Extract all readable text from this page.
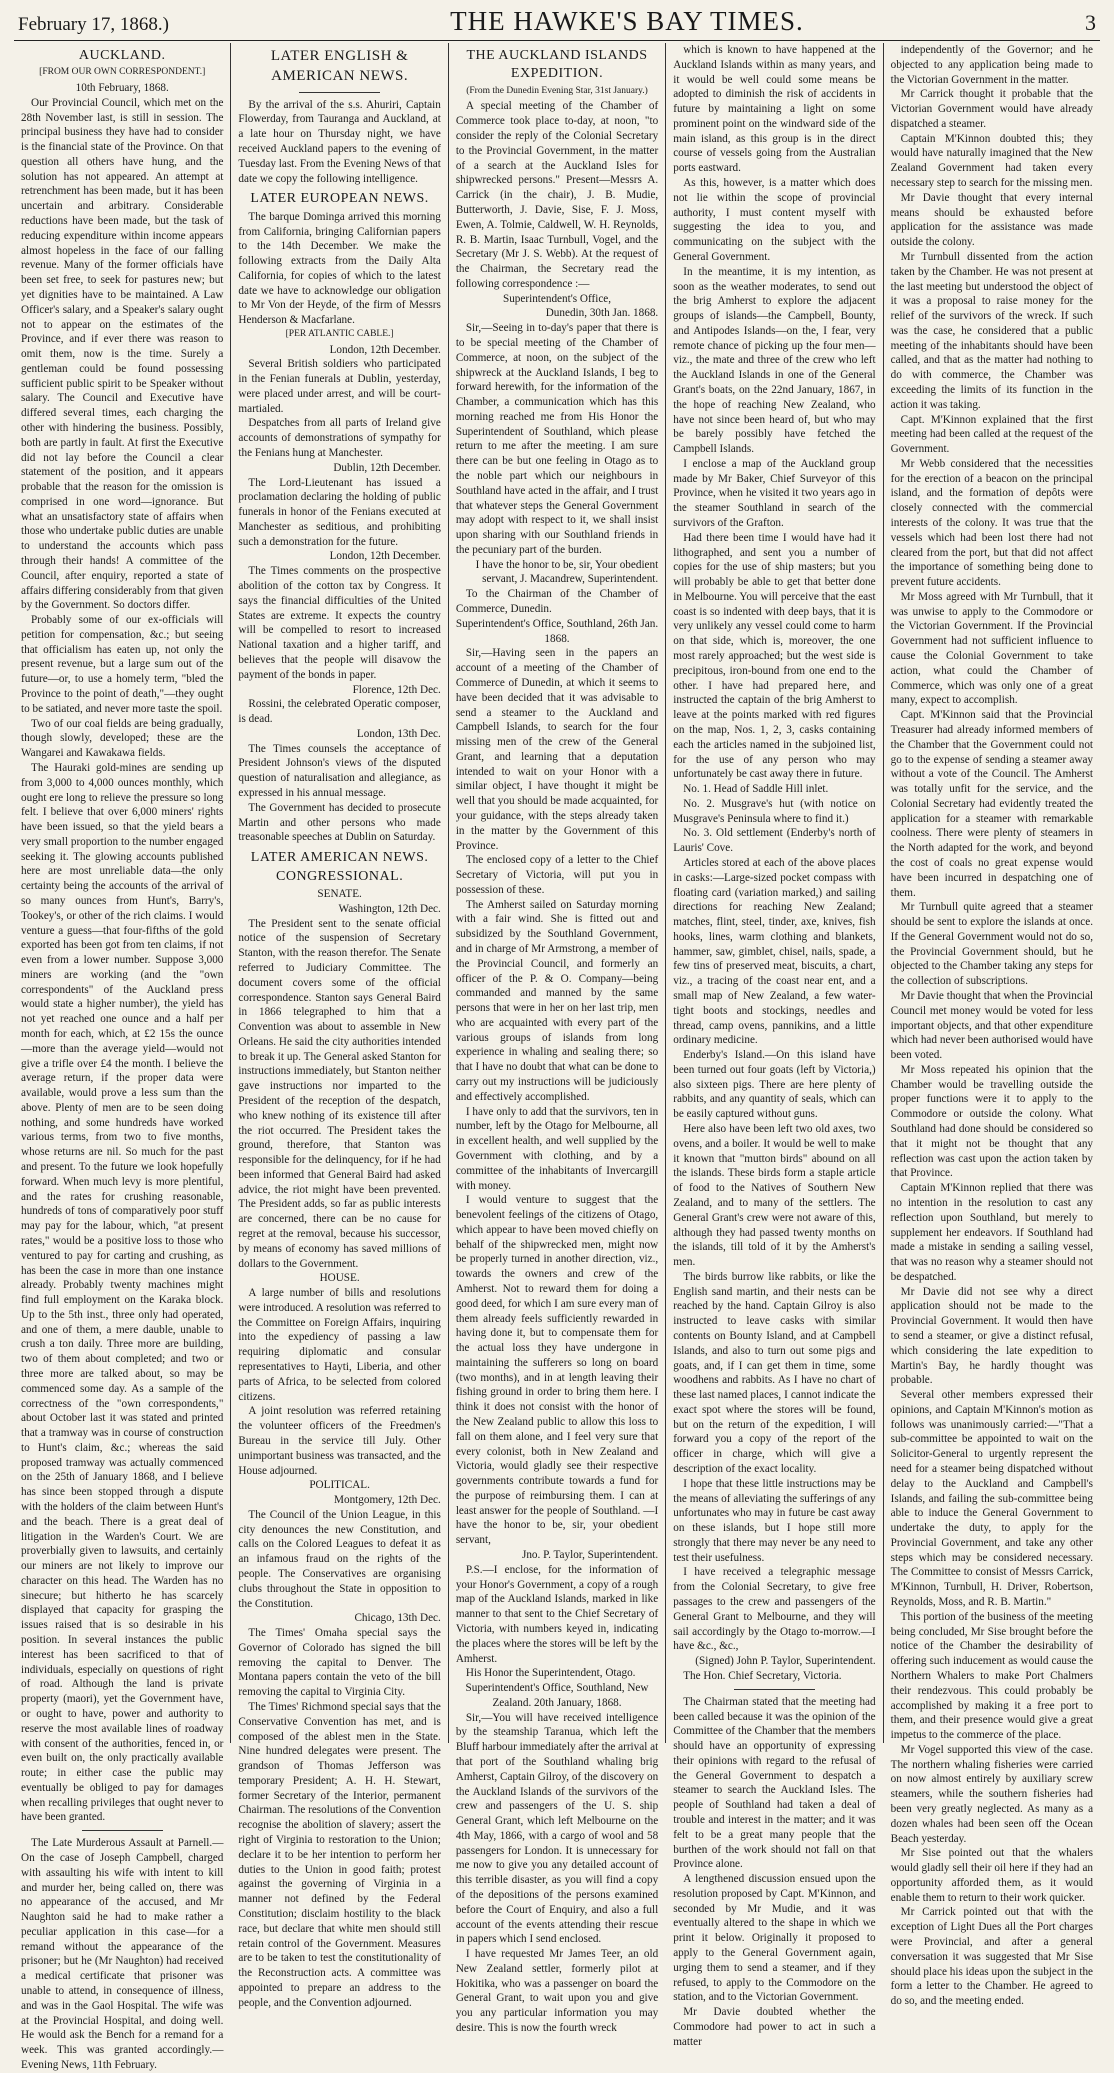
February 17, 1868.)	THE HAWKE'S BAY TIMES.	3
AUCKLAND.
[FROM OUR OWN CORRESPONDENT.]
10th February, 1868.

Our Provincial Council, which met on the 28th November last, is still in session. The principal business they have had to consider is the financial state of the Province. On that question all others have hung, and the solution has not appeared. An attempt at retrenchment has been made, but it has been uncertain and arbitrary. Considerable reductions have been made, but the task of reducing expenditure within income appears almost hopeless in the face of our falling revenue. Many of the former officials have been set free, to seek for pastures new; but yet dignities have to be maintained. A Law Officer's salary, and a Speaker's salary ought not to appear on the estimates of the Province, and if ever there was reason to omit them, now is the time. Surely a gentleman could be found possessing sufficient public spirit to be Speaker without salary. The Council and Executive have differed several times, each charging the other with hindering the business. Possibly, both are partly in fault. At first the Executive did not lay before the Council a clear statement of the position, and it appears probable that the reason for the omission is comprised in one word—ignorance. But what an unsatisfactory state of affairs when those who undertake public duties are unable to understand the accounts which pass through their hands! A committee of the Council, after enquiry, reported a state of affairs differing considerably from that given by the Government. So doctors differ.

Probably some of our ex-officials will petition for compensation, &c.; but seeing that officialism has eaten up, not only the present revenue, but a large sum out of the future—or, to use a homely term, "bled the Province to the point of death,"—they ought to be satiated, and never more taste the spoil.

Two of our coal fields are being gradually, though slowly, developed; these are the Wangarei and Kawakawa fields.

The Hauraki gold-mines are sending up from 3,000 to 4,000 ounces monthly, which ought ere long to relieve the pressure so long felt. I believe that over 6,000 miners' rights have been issued, so that the yield bears a very small proportion to the number engaged seeking it. The glowing accounts published here are most unreliable data—the only certainty being the accounts of the arrival of so many ounces from Hunt's, Barry's, Tookey's, or other of the rich claims. I would venture a guess—that four-fifths of the gold exported has been got from ten claims, if not even from a lower number. Suppose 3,000 miners are working (and the "own correspondents" of the Auckland press would state a higher number), the yield has not yet reached one ounce and a half per month for each, which, at £2 15s the ounce—more than the average yield—would not give a trifle over £4 the month. I believe the average return, if the proper data were available, would prove a less sum than the above. Plenty of men are to be seen doing nothing, and some hundreds have worked various terms, from two to five months, whose returns are nil. So much for the past and present. To the future we look hopefully forward. When much levy is more plentiful, and the rates for crushing reasonable, hundreds of tons of comparatively poor stuff may pay for the labour, which, "at present rates," would be a positive loss to those who ventured to pay for carting and crushing, as has been the case in more than one instance already. Probably twenty machines might find full employment on the Karaka block. Up to the 5th inst., three only had operated, and one of them, a mere dauble, unable to crush a ton daily. Three more are building, two of them about completed; and two or three more are talked about, so may be commenced some day. As a sample of the correctness of the "own correspondents," about October last it was stated and printed that a tramway was in course of construction to Hunt's claim, &c.; whereas the said proposed tramway was actually commenced on the 25th of January 1868, and I believe has since been stopped through a dispute with the holders of the claim between Hunt's and the beach. There is a great deal of litigation in the Warden's Court. We are proverbially given to lawsuits, and certainly our miners are not likely to improve our character on this head. The Warden has no sinecure; but hitherto he has scarcely displayed that capacity for grasping the issues raised that is so desirable in his position. In several instances the public interest has been sacrificed to that of individuals, especially on questions of right of road. Although the land is private property (maori), yet the Government have, or ought to have, power and authority to reserve the most available lines of roadway with consent of the authorities, fenced in, or even built on, the only practically available route; in either case the public may eventually be obliged to pay for damages when recalling privileges that ought never to have been granted.

The Late Murderous Assault at Parnell.—On the case of Joseph Campbell, charged with assaulting his wife with intent to kill and murder her, being called on, there was no appearance of the accused, and Mr Naughton said he had to make rather a peculiar application in this case—for a remand without the appearance of the prisoner; but he (Mr Naughton) had received a medical certificate that prisoner was unable to attend, in consequence of illness, and was in the Gaol Hospital. The wife was at the Provincial Hospital, and doing well. He would ask the Bench for a remand for a week. This was granted accordingly.—Evening News, 11th February.

LATER ENGLISH & AMERICAN NEWS.

By the arrival of the s.s. Ahuriri, Captain Flowerday, from Tauranga and Auckland, at a late hour on Thursday night, we have received Auckland papers to the evening of Tuesday last. From the Evening News of that date we copy the following intelligence.

LATER EUROPEAN NEWS.

The barque Dominga arrived this morning from California, bringing Californian papers to the 14th December. We make the following extracts from the Daily Alta California, for copies of which to the latest date we have to acknowledge our obligation to Mr Von der Heyde, of the firm of Messrs Henderson & Macfarlane.

[PER ATLANTIC CABLE.]
London, 12th December.

Several British soldiers who participated in the Fenian funerals at Dublin, yesterday, were placed under arrest, and will be court-martialed.

Despatches from all parts of Ireland give accounts of demonstrations of sympathy for the Fenians hung at Manchester.

Dublin, 12th December.

The Lord-Lieutenant has issued a proclamation declaring the holding of public funerals in honor of the Fenians executed at Manchester as seditious, and prohibiting such a demonstration for the future.

London, 12th December.

The Times comments on the prospective abolition of the cotton tax by Congress. It says the financial difficulties of the United States are extreme. It expects the country will be compelled to resort to increased National taxation and a higher tariff, and believes that the people will disavow the payment of the bonds in paper.

Florence, 12th Dec.

Rossini, the celebrated Operatic composer, is dead.

London, 13th Dec.

The Times counsels the acceptance of President Johnson's views of the disputed question of naturalisation and allegiance, as expressed in his annual message.

The Government has decided to prosecute Martin and other persons who made treasonable speeches at Dublin on Saturday.

LATER AMERICAN NEWS. CONGRESSIONAL.
SENATE.
Washington, 12th Dec.

The President sent to the senate official notice of the suspension of Secretary Stanton, with the reason therefor. The Senate referred to Judiciary Committee. The document covers some of the official correspondence. Stanton says General Baird in 1866 telegraphed to him that a Convention was about to assemble in New Orleans. He said the city authorities intended to break it up. The General asked Stanton for instructions immediately, but Stanton neither gave instructions nor imparted to the President of the reception of the despatch, who knew nothing of its existence till after the riot occurred. The President takes the ground, therefore, that Stanton was responsible for the delinquency, for if he had been informed that General Baird had asked advice, the riot might have been prevented. The President adds, so far as public interests are concerned, there can be no cause for regret at the removal, because his successor, by means of economy has saved millions of dollars to the Government.

HOUSE.

A large number of bills and resolutions were introduced. A resolution was referred to the Committee on Foreign Affairs, inquiring into the expediency of passing a law requiring diplomatic and consular representatives to Hayti, Liberia, and other parts of Africa, to be selected from colored citizens.

A joint resolution was referred retaining the volunteer officers of the Freedmen's Bureau in the service till July. Other unimportant business was transacted, and the House adjourned.

POLITICAL.
Montgomery, 12th Dec.

The Council of the Union League, in this city denounces the new Constitution, and calls on the Colored Leagues to defeat it as an infamous fraud on the rights of the people. The Conservatives are organising clubs throughout the State in opposition to the Constitution.

Chicago, 13th Dec.

The Times' Omaha special says the Governor of Colorado has signed the bill removing the capital to Denver. The Montana papers contain the veto of the bill removing the capital to Virginia City.

The Times' Richmond special says that the Conservative Convention has met, and is composed of the ablest men in the State. Nine hundred delegates were present. The grandson of Thomas Jefferson was temporary President; A. H. H. Stewart, former Secretary of the Interior, permanent Chairman. The resolutions of the Convention recognise the abolition of slavery; assert the right of Virginia to restoration to the Union; declare it to be her intention to perform her duties to the Union in good faith; protest against the governing of Virginia in a manner not defined by the Federal Constitution; disclaim hostility to the black race, but declare that white men should still retain control of the Government. Measures are to be taken to test the constitutionality of the Reconstruction acts. A committee was appointed to prepare an address to the people, and the Convention adjourned.

THE AUCKLAND ISLANDS EXPEDITION.
(From the Dunedin Evening Star, 31st January.)

A special meeting of the Chamber of Commerce took place to-day, at noon, "to consider the reply of the Colonial Secretary to the Provincial Government, in the matter of a search at the Auckland Isles for shipwrecked persons." Present—Messrs A. Carrick (in the chair), J. B. Mudie, Butterworth, J. Davie, Sise, F. J. Moss, Ewen, A. Tolmie, Caldwell, W. H. Reynolds, R. B. Martin, Isaac Turnbull, Vogel, and the Secretary (Mr J. S. Webb). At the request of the Chairman, the Secretary read the following correspondence :—

Superintendent's Office,
Dunedin, 30th Jan. 1868.

Sir,—Seeing in to-day's paper that there is to be special meeting of the Chamber of Commerce, at noon, on the subject of the shipwreck at the Auckland Islands, I beg to forward herewith, for the information of the Chamber, a communication which has this morning reached me from His Honor the Superintendent of Southland, which please return to me after the meeting. I am sure there can be but one feeling in Otago as to the noble part which our neighbours in Southland have acted in the affair, and I trust that whatever steps the General Government may adopt with respect to it, we shall insist upon sharing with our Southland friends in the pecuniary part of the burden.

I have the honor to be, sir, Your obedient servant, J. Macandrew, Superintendent.

To the Chairman of the Chamber of Commerce, Dunedin.

Superintendent's Office, Southland, 26th Jan. 1868.

Sir,—Having seen in the papers an account of a meeting of the Chamber of Commerce of Dunedin, at which it seems to have been decided that it was advisable to send a steamer to the Auckland and Campbell Islands, to search for the four missing men of the crew of the General Grant, and learning that a deputation intended to wait on your Honor with a similar object, I have thought it might be well that you should be made acquainted, for your guidance, with the steps already taken in the matter by the Government of this Province.

The enclosed copy of a letter to the Chief Secretary of Victoria, will put you in possession of these.

The Amherst sailed on Saturday morning with a fair wind. She is fitted out and subsidized by the Southland Government, and in charge of Mr Armstrong, a member of the Provincial Council, and formerly an officer of the P. & O. Company—being commanded and manned by the same persons that were in her on her last trip, men who are acquainted with every part of the various groups of islands from long experience in whaling and sealing there; so that I have no doubt that what can be done to carry out my instructions will be judiciously and effectively accomplished.

I have only to add that the survivors, ten in number, left by the Otago for Melbourne, all in excellent health, and well supplied by the Government with clothing, and by a committee of the inhabitants of Invercargill with money.

I would venture to suggest that the benevolent feelings of the citizens of Otago, which appear to have been moved chiefly on behalf of the shipwrecked men, might now be properly turned in another direction, viz., towards the owners and crew of the Amherst. Not to reward them for doing a good deed, for which I am sure every man of them already feels sufficiently rewarded in having done it, but to compensate them for the actual loss they have undergone in maintaining the sufferers so long on board (two months), and in at length leaving their fishing ground in order to bring them here. I think it does not consist with the honor of the New Zealand public to allow this loss to fall on them alone, and I feel very sure that every colonist, both in New Zealand and Victoria, would gladly see their respective governments contribute towards a fund for the purpose of reimbursing them. I can at least answer for the people of Southland. —I have the honor to be, sir, your obedient servant,

Jno. P. Taylor, Superintendent.

P.S.—I enclose, for the information of your Honor's Government, a copy of a rough map of the Auckland Islands, marked in like manner to that sent to the Chief Secretary of Victoria, with numbers keyed in, indicating the places where the stores will be left by the Amherst.

His Honor the Superintendent, Otago.

Superintendent's Office, Southland, New Zealand. 20th January, 1868.

Sir,—You will have received intelligence by the steamship Taranua, which left the Bluff harbour immediately after the arrival at that port of the Southland whaling brig Amherst, Captain Gilroy, of the discovery on the Auckland Islands of the survivors of the crew and passengers of the U. S. ship General Grant, which left Melbourne on the 4th May, 1866, with a cargo of wool and 58 passengers for London. It is unnecessary for me now to give you any detailed account of this terrible disaster, as you will find a copy of the depositions of the persons examined before the Court of Enquiry, and also a full account of the events attending their rescue in papers which I send enclosed.

I have requested Mr James Teer, an old New Zealand settler, formerly pilot at Hokitika, who was a passenger on board the General Grant, to wait upon you and give you any particular information you may desire. This is now the fourth wreck

which is known to have happened at the Auckland Islands within as many years, and it would be well could some means be adopted to diminish the risk of accidents in future by maintaining a light on some prominent point on the windward side of the main island, as this group is in the direct course of vessels going from the Australian ports eastward.

As this, however, is a matter which does not lie within the scope of provincial authority, I must content myself with suggesting the idea to you, and communicating on the subject with the General Government.

In the meantime, it is my intention, as soon as the weather moderates, to send out the brig Amherst to explore the adjacent groups of islands—the Campbell, Bounty, and Antipodes Islands—on the, I fear, very remote chance of picking up the four men—viz., the mate and three of the crew who left the Auckland Islands in one of the General Grant's boats, on the 22nd January, 1867, in the hope of reaching New Zealand, who have not since been heard of, but who may be barely possibly have fetched the Campbell Islands.

I enclose a map of the Auckland group made by Mr Baker, Chief Surveyor of this Province, when he visited it two years ago in the steamer Southland in search of the survivors of the Grafton.

Had there been time I would have had it lithographed, and sent you a number of copies for the use of ship masters; but you will probably be able to get that better done in Melbourne. You will perceive that the east coast is so indented with deep bays, that it is very unlikely any vessel could come to harm on that side, which is, moreover, the one most rarely approached; but the west side is precipitous, iron-bound from one end to the other. I have had prepared here, and instructed the captain of the brig Amherst to leave at the points marked with red figures on the map, Nos. 1, 2, 3, casks containing each the articles named in the subjoined list, for the use of any person who may unfortunately be cast away there in future.

No. 1. Head of Saddle Hill inlet.

No. 2. Musgrave's hut (with notice on Musgrave's Peninsula where to find it.)

No. 3. Old settlement (Enderby's north of Lauris' Cove.

Articles stored at each of the above places in casks:—Large-sized pocket compass with floating card (variation marked,) and sailing directions for reaching New Zealand; matches, flint, steel, tinder, axe, knives, fish hooks, lines, warm clothing and blankets, hammer, saw, gimblet, chisel, nails, spade, a few tins of preserved meat, biscuits, a chart, viz., a tracing of the coast near ent, and a small map of New Zealand, a few water-tight boots and stockings, needles and thread, camp ovens, pannikins, and a little ordinary medicine.

Enderby's Island.—On this island have been turned out four goats (left by Victoria,) also sixteen pigs. There are here plenty of rabbits, and any quantity of seals, which can be easily captured without guns.

Here also have been left two old axes, two ovens, and a boiler. It would be well to make it known that "mutton birds" abound on all the islands. These birds form a staple article of food to the Natives of Southern New Zealand, and to many of the settlers. The General Grant's crew were not aware of this, although they had passed twenty months on the islands, till told of it by the Amherst's men.

The birds burrow like rabbits, or like the English sand martin, and their nests can be reached by the hand. Captain Gilroy is also instructed to leave casks with similar contents on Bounty Island, and at Campbell Islands, and also to turn out some pigs and goats, and, if I can get them in time, some woodhens and rabbits. As I have no chart of these last named places, I cannot indicate the exact spot where the stores will be found, but on the return of the expedition, I will forward you a copy of the report of the officer in charge, which will give a description of the exact locality.

I hope that these little instructions may be the means of alleviating the sufferings of any unfortunates who may in future be cast away on these islands, but I hope still more strongly that there may never be any need to test their usefulness.

I have received a telegraphic message from the Colonial Secretary, to give free passages to the crew and passengers of the General Grant to Melbourne, and they will sail accordingly by the Otago to-morrow.—I have &c., &c.,

(Signed) John P. Taylor, Superintendent.

The Hon. Chief Secretary, Victoria.

The Chairman stated that the meeting had been called because it was the opinion of the Committee of the Chamber that the members should have an opportunity of expressing their opinions with regard to the refusal of the General Government to despatch a steamer to search the Auckland Isles. The people of Southland had taken a deal of trouble and interest in the matter; and it was felt to be a great many people that the burthen of the work should not fall on that Province alone.

A lengthened discussion ensued upon the resolution proposed by Capt. M'Kinnon, and seconded by Mr Mudie, and it was eventually altered to the shape in which we print it below. Originally it proposed to apply to the General Government again, urging them to send a steamer, and if they refused, to apply to the Commodore on the station, and to the Victorian Government.

Mr Davie doubted whether the Commodore had power to act in such a matter

independently of the Governor; and he objected to any application being made to the Victorian Government in the matter.

Mr Carrick thought it probable that the Victorian Government would have already dispatched a steamer.

Captain M'Kinnon doubted this; they would have naturally imagined that the New Zealand Government had taken every necessary step to search for the missing men.

Mr Davie thought that every internal means should be exhausted before application for the assistance was made outside the colony.

Mr Turnbull dissented from the action taken by the Chamber. He was not present at the last meeting but understood the object of it was a proposal to raise money for the relief of the survivors of the wreck. If such was the case, he considered that a public meeting of the inhabitants should have been called, and that as the matter had nothing to do with commerce, the Chamber was exceeding the limits of its function in the action it was taking.

Capt. M'Kinnon explained that the first meeting had been called at the request of the Government.

Mr Webb considered that the necessities for the erection of a beacon on the principal island, and the formation of depôts were closely connected with the commercial interests of the colony. It was true that the vessels which had been lost there had not cleared from the port, but that did not affect the importance of something being done to prevent future accidents.

Mr Moss agreed with Mr Turnbull, that it was unwise to apply to the Commodore or the Victorian Government. If the Provincial Government had not sufficient influence to cause the Colonial Government to take action, what could the Chamber of Commerce, which was only one of a great many, expect to accomplish.

Capt. M'Kinnon said that the Provincial Treasurer had already informed members of the Chamber that the Government could not go to the expense of sending a steamer away without a vote of the Council. The Amherst was totally unfit for the service, and the Colonial Secretary had evidently treated the application for a steamer with remarkable coolness. There were plenty of steamers in the North adapted for the work, and beyond the cost of coals no great expense would have been incurred in despatching one of them.

Mr Turnbull quite agreed that a steamer should be sent to explore the islands at once. If the General Government would not do so, the Provincial Government should, but he objected to the Chamber taking any steps for the collection of subscriptions.

Mr Davie thought that when the Provincial Council met money would be voted for less important objects, and that other expenditure which had never been authorised would have been voted.

Mr Moss repeated his opinion that the Chamber would be travelling outside the proper functions were it to apply to the Commodore or outside the colony. What Southland had done should be considered so that it might not be thought that any reflection was cast upon the action taken by that Province.

Captain M'Kinnon replied that there was no intention in the resolution to cast any reflection upon Southland, but merely to supplement her endeavors. If Southland had made a mistake in sending a sailing vessel, that was no reason why a steamer should not be despatched.

Mr Davie did not see why a direct application should not be made to the Provincial Government. It would then have to send a steamer, or give a distinct refusal, which considering the late expedition to Martin's Bay, he hardly thought was probable.

Several other members expressed their opinions, and Captain M'Kinnon's motion as follows was unanimously carried:—"That a sub-committee be appointed to wait on the Solicitor-General to urgently represent the need for a steamer being dispatched without delay to the Auckland and Campbell's Islands, and failing the sub-committee being able to induce the General Government to undertake the duty, to apply for the Provincial Government, and take any other steps which may be considered necessary. The Committee to consist of Messrs Carrick, M'Kinnon, Turnbull, H. Driver, Robertson, Reynolds, Moss, and R. B. Martin."

This portion of the business of the meeting being concluded, Mr Sise brought before the notice of the Chamber the desirability of offering such inducement as would cause the Northern Whalers to make Port Chalmers their rendezvous. This could probably be accomplished by making it a free port to them, and their presence would give a great impetus to the commerce of the place.

Mr Vogel supported this view of the case. The northern whaling fisheries were carried on now almost entirely by auxiliary screw steamers, while the southern fisheries had been very greatly neglected. As many as a dozen whales had been seen off the Ocean Beach yesterday.

Mr Sise pointed out that the whalers would gladly sell their oil here if they had an opportunity afforded them, as it would enable them to return to their work quicker.

Mr Carrick pointed out that with the exception of Light Dues all the Port charges were Provincial, and after a general conversation it was suggested that Mr Sise should place his ideas upon the subject in the form a letter to the Chamber. He agreed to do so, and the meeting ended.
